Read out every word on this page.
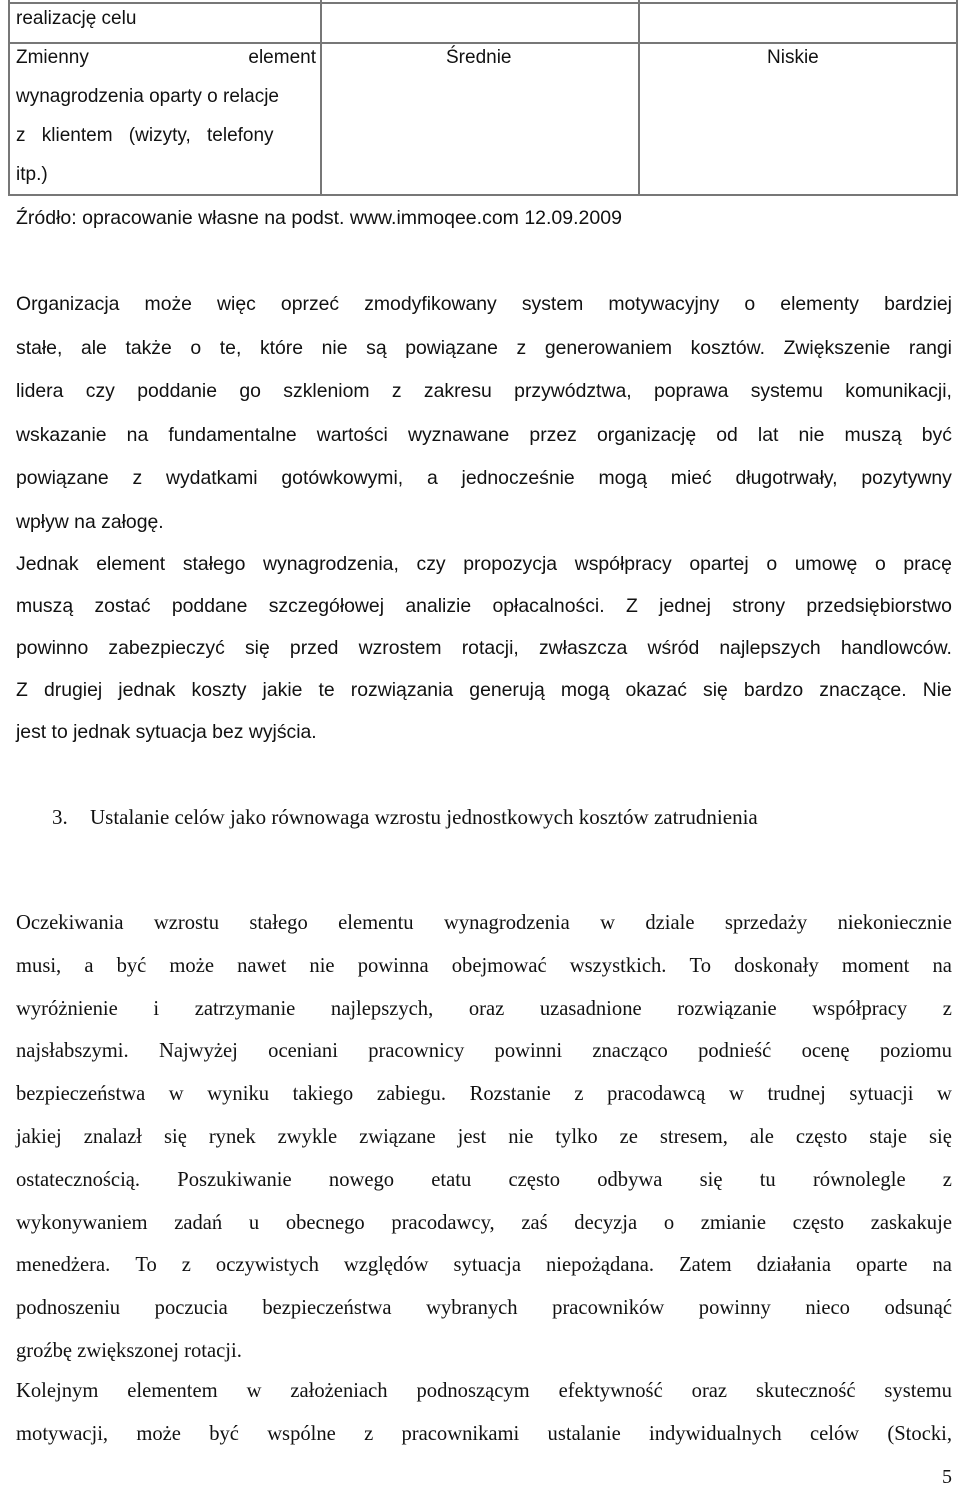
realizację celu
Zmienny	element
wynagrodzenia oparty o relacje
z klientem (wizyty, telefony
itp.)
Średnie	Niskie
Źródło: opracowanie własne na podst. www.immoqee.com 12.09.2009
Organizacja może więc oprzeć zmodyfikowany system motywacyjny o elementy bardziej
stałe, ale także o te, które nie są powiązane z generowaniem kosztów. Zwiększenie rangi
lidera czy poddanie go szkleniom z zakresu przywództwa, poprawa systemu komunikacji,
wskazanie na fundamentalne wartości wyznawane przez organizację od lat nie muszą być
powiązane z wydatkami gotówkowymi, a jednocześnie mogą mieć długotrwały, pozytywny
wpływ na załogę.
Jednak element stałego wynagrodzenia, czy propozycja współpracy opartej o umowę o pracę
muszą zostać poddane szczegółowej analizie opłacalności. Z jednej strony przedsiębiorstwo
powinno zabezpieczyć się przed wzrostem rotacji, zwłaszcza wśród najlepszych handlowców.
Z drugiej jednak koszty jakie te rozwiązania generują mogą okazać się bardzo znaczące. Nie
jest to jednak sytuacja bez wyjścia.
3. Ustalanie celów jako równowaga wzrostu jednostkowych kosztów zatrudnienia
Oczekiwania wzrostu stałego elementu wynagrodzenia w dziale sprzedaży niekoniecznie
musi, a być może nawet nie powinna obejmować wszystkich. To doskonały moment na
wyróżnienie i zatrzymanie najlepszych, oraz uzasadnione rozwiązanie współpracy z
najsłabszymi. Najwyżej oceniani pracownicy powinni znacząco podnieść ocenę poziomu
bezpieczeństwa w wyniku takiego zabiegu. Rozstanie z pracodawcą w trudnej sytuacji w
jakiej znalazł się rynek zwykle związane jest nie tylko ze stresem, ale często staje się
ostatecznością. Poszukiwanie nowego etatu często odbywa się tu równolegle z
wykonywaniem zadań u obecnego pracodawcy, zaś decyzja o zmianie często zaskakuje
menedżera. To z oczywistych względów sytuacja niepożądana. Zatem działania oparte na
podnoszeniu poczucia bezpieczeństwa wybranych pracowników powinny nieco odsunąć
groźbę zwiększonej rotacji.
Kolejnym elementem w założeniach podnoszącym efektywność oraz skuteczność systemu
motywacji, może być wspólne z pracownikami ustalanie indywidualnych celów (Stocki,
5
